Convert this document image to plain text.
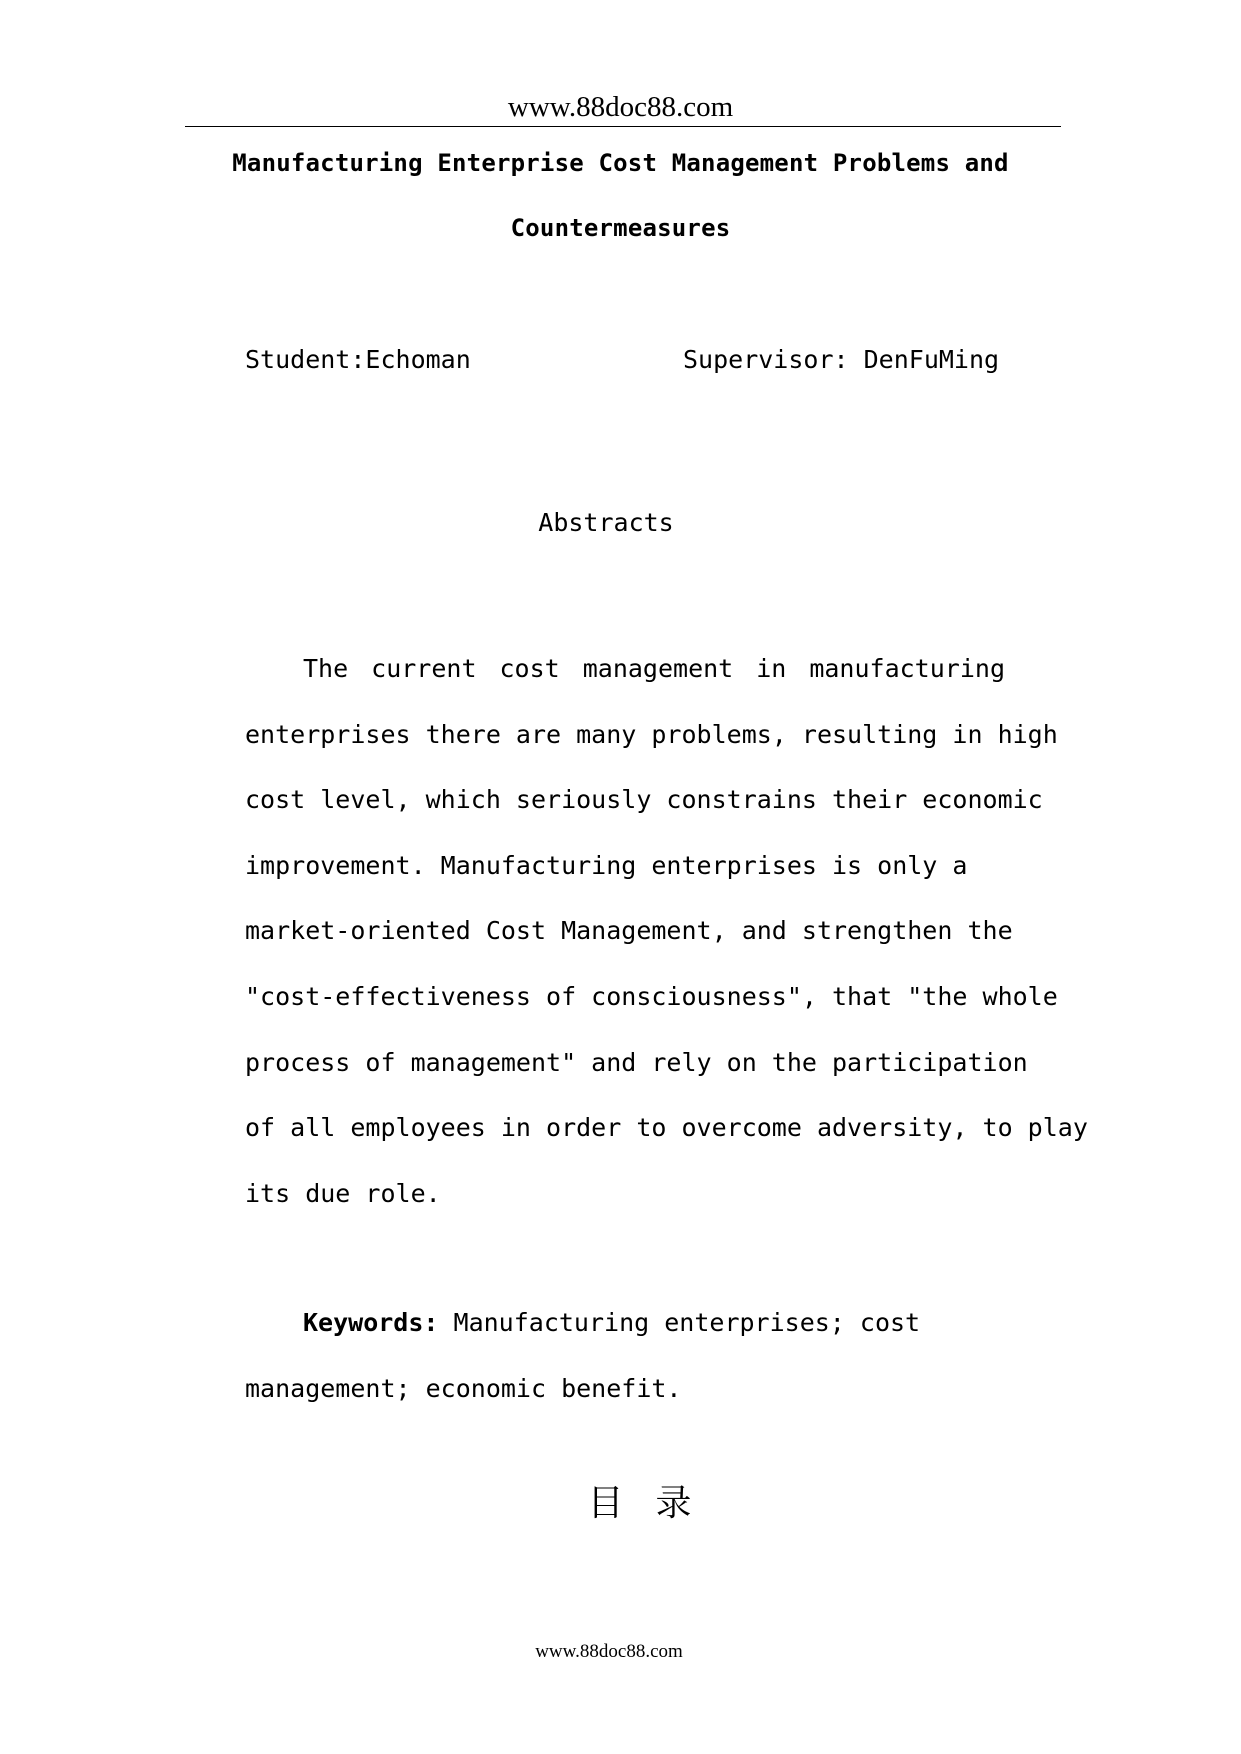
www.88doc88.com
Manufacturing Enterprise Cost Management Problems and
Countermeasures
Student:Echoman	Supervisor: DenFuMing
Abstracts
The current cost management in manufacturing
enterprises there are many problems, resulting in high
cost level, which seriously constrains their economic
improvement. Manufacturing enterprises is only a
market-oriented Cost Management, and strengthen the
"cost-effectiveness of consciousness", that "the whole
process of management" and rely on the participation
of all employees in order to overcome adversity, to play
its due role.
Keywords: Manufacturing enterprises; cost
management; economic benefit.
目录
www.88doc88.com
